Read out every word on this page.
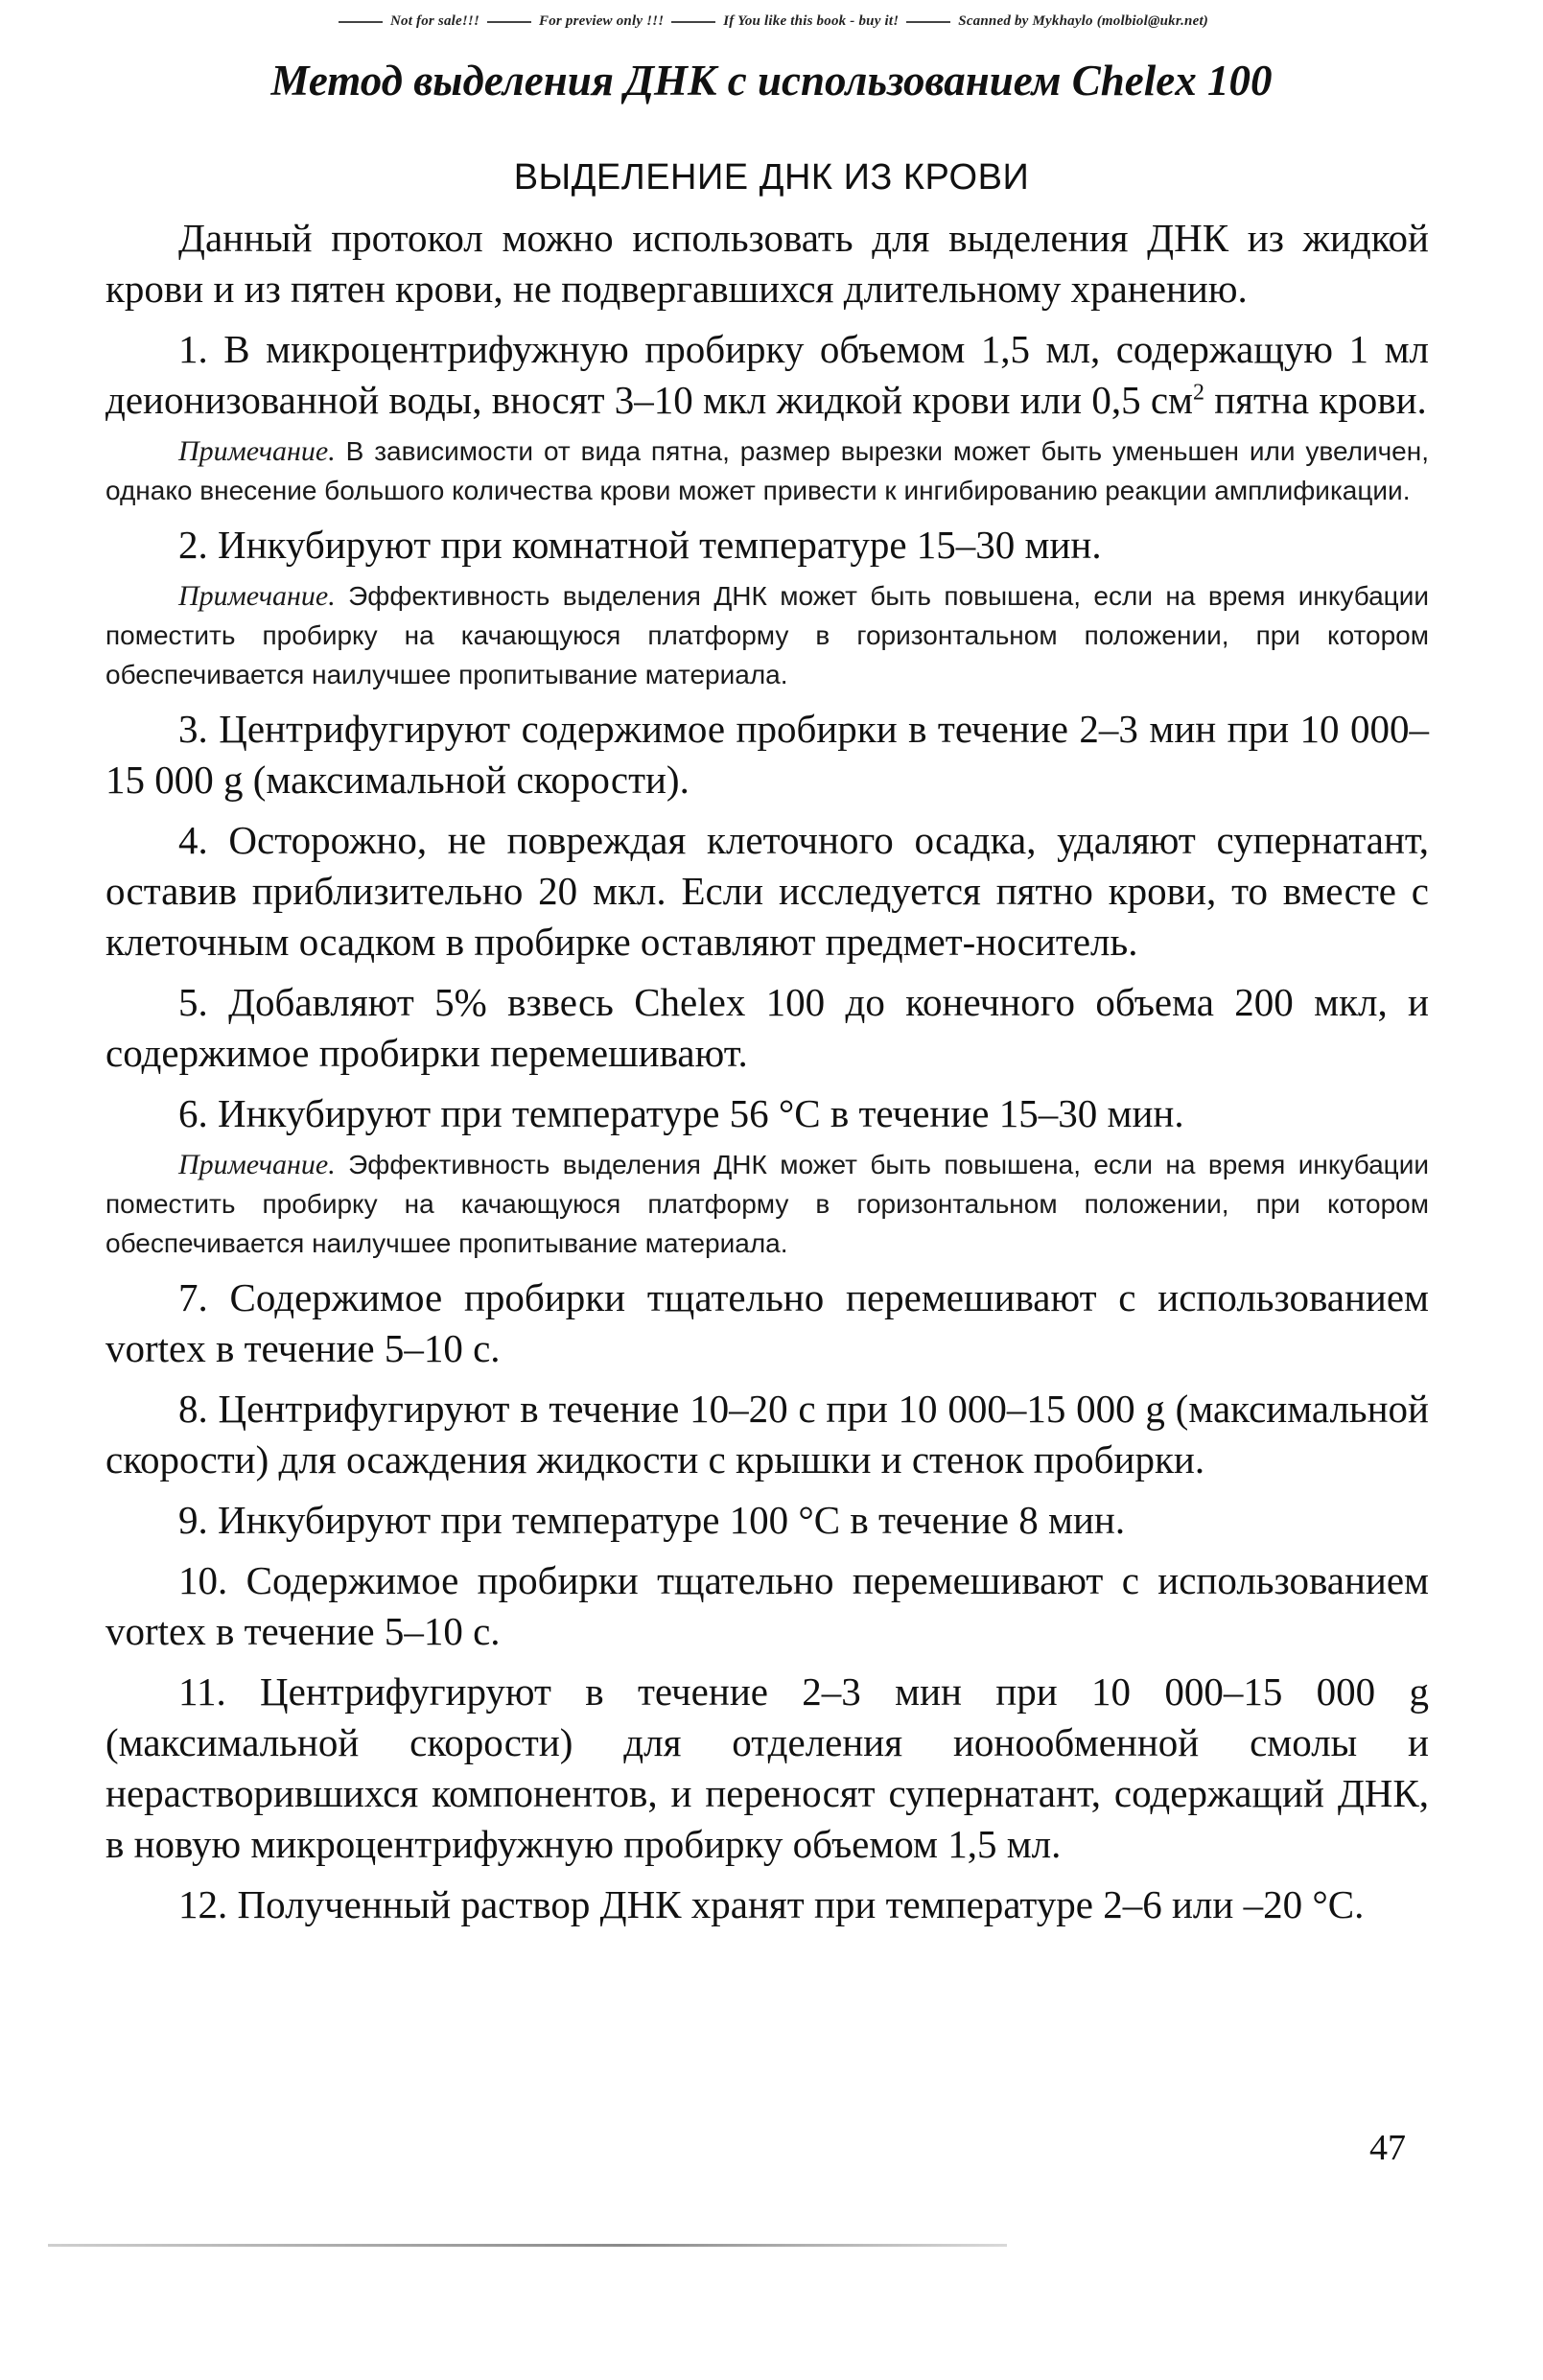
Not for sale!!!	For preview only !!!	If You like this book - buy it!	Scanned by Mykhaylo (molbiol@ukr.net)
Метод выделения ДНК с использованием Chelex 100
ВЫДЕЛЕНИЕ ДНК ИЗ КРОВИ

Данный протокол можно использовать для выделения ДНК из жидкой крови и из пятен крови, не подвергавшихся длительному хранению.

1. В микроцентрифужную пробирку объемом 1,5 мл, содержащую 1 мл деионизованной воды, вносят 3–10 мкл жидкой крови или 0,5 $см^2$ пятна крови.

Примечание. В зависимости от вида пятна, размер вырезки может быть уменьшен или увеличен, однако внесение большого количества крови может привести к ингибированию реакции амплификации.

2. Инкубируют при комнатной температуре 15–30 мин.

Примечание. Эффективность выделения ДНК может быть повышена, если на время инкубации поместить пробирку на качающуюся платформу в горизонтальном положении, при котором обеспечивается наилучшее пропитывание материала.

3. Центрифугируют содержимое пробирки в течение 2–3 мин при 10 000–15 000 g (максимальной скорости).

4. Осторожно, не повреждая клеточного осадка, удаляют супернатант, оставив приблизительно 20 мкл. Если исследуется пятно крови, то вместе с клеточным осадком в пробирке оставляют предмет-носитель.

5. Добавляют 5% взвесь Chelex 100 до конечного объема 200 мкл, и содержимое пробирки перемешивают.

6. Инкубируют при температуре 56 °C в течение 15–30 мин.

Примечание. Эффективность выделения ДНК может быть повышена, если на время инкубации поместить пробирку на качающуюся платформу в горизонтальном положении, при котором обеспечивается наилучшее пропитывание материала.

7. Содержимое пробирки тщательно перемешивают с использованием vortex в течение 5–10 с.

8. Центрифугируют в течение 10–20 с при 10 000–15 000 g (максимальной скорости) для осаждения жидкости с крышки и стенок пробирки.

9. Инкубируют при температуре 100 °C в течение 8 мин.

10. Содержимое пробирки тщательно перемешивают с использованием vortex в течение 5–10 с.

11. Центрифугируют в течение 2–3 мин при 10 000–15 000 g (максимальной скорости) для отделения ионообменной смолы и нерастворившихся компонентов, и переносят супернатант, содержащий ДНК, в новую микроцентрифужную пробирку объемом 1,5 мл.

12. Полученный раствор ДНК хранят при температуре 2–6 или –20 °C.

47
